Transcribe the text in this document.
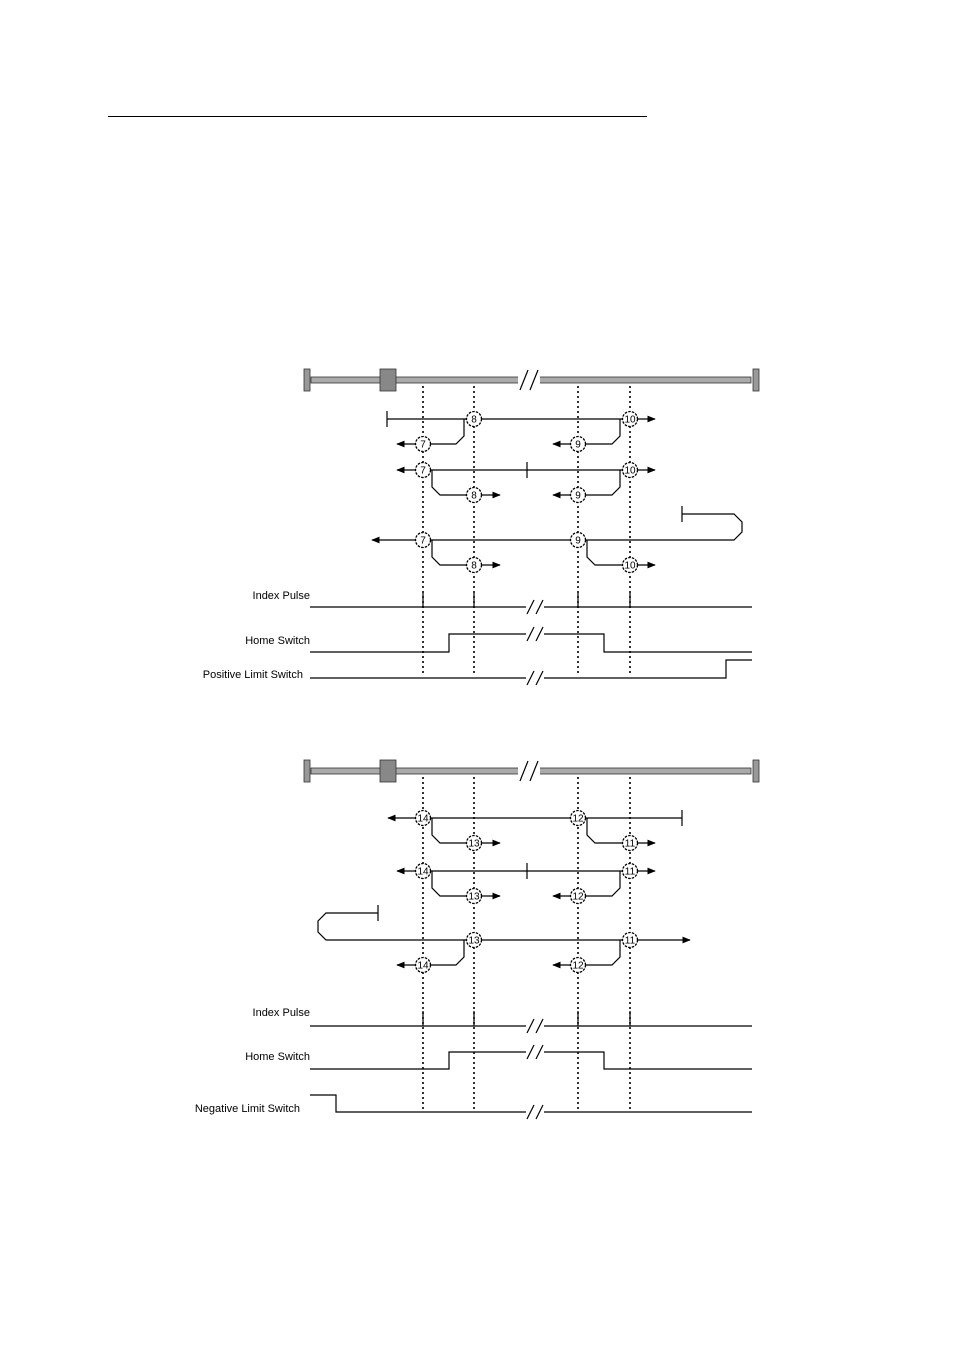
8	10
7	9
7	10
8	9
7	9
8	10
Index Pulse
Home Switch
Positive Limit Switch
14	12
13	11
14	11
13	12
13	11
14	12
Index Pulse
Home Switch
Negative Limit Switch
